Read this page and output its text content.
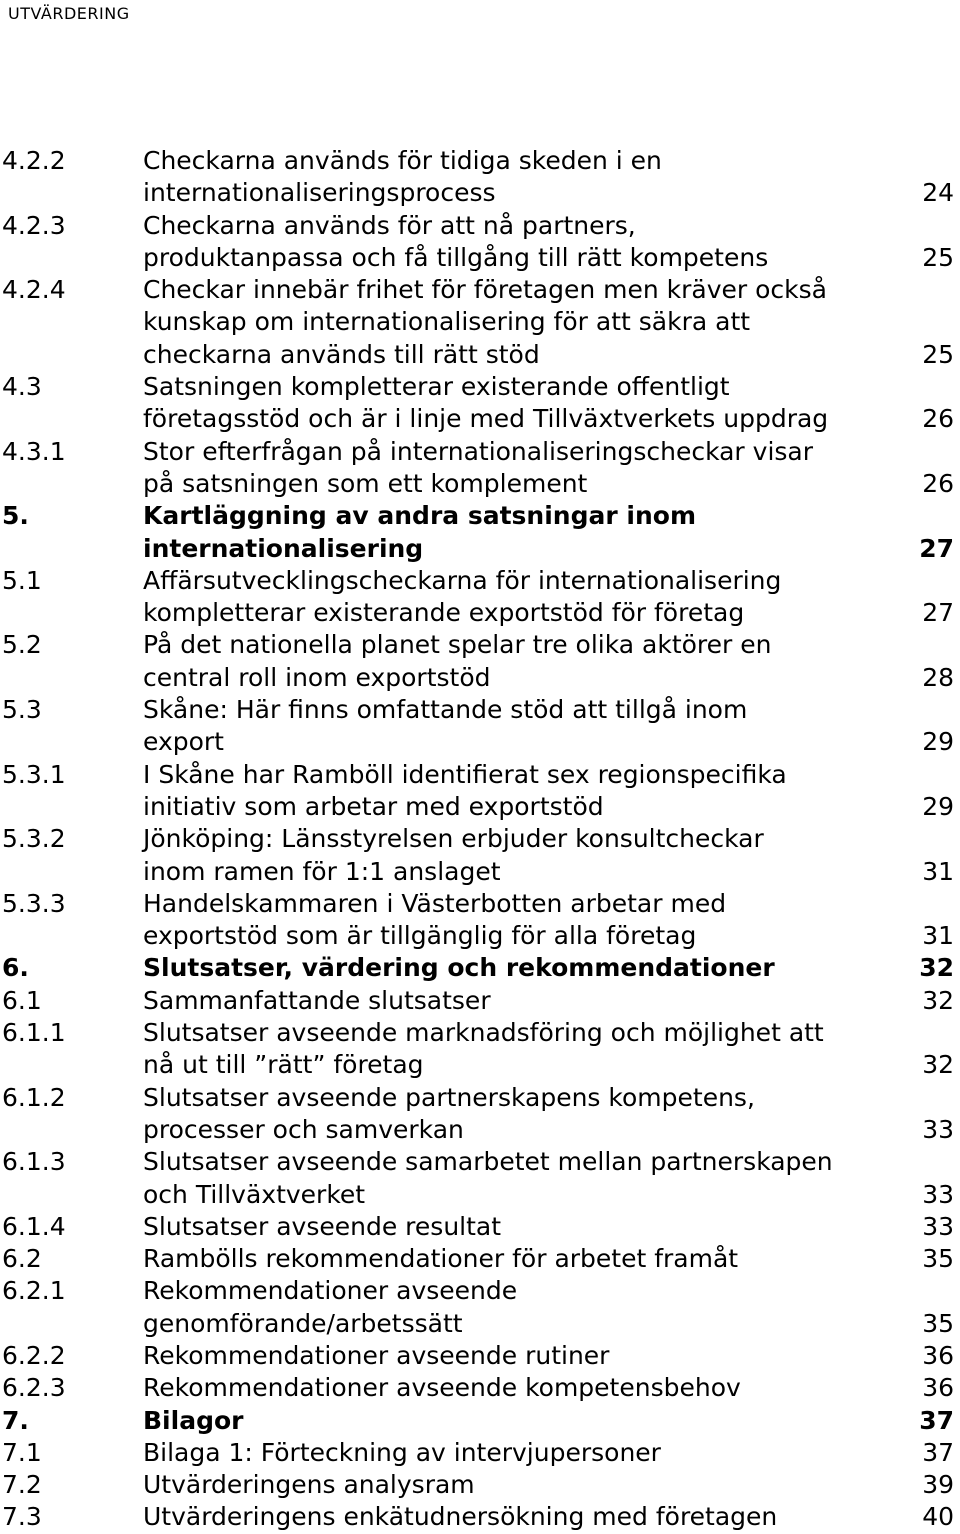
UTVÄRDERING
4.2.2	Checkarna används för tidiga skeden i en
internationaliseringsprocess	24
4.2.3	Checkarna används för att nå partners,
produktanpassa och få tillgång till rätt kompetens	25
4.2.4	Checkar innebär frihet för företagen men kräver också
kunskap om internationalisering för att säkra att
checkarna används till rätt stöd	25
4.3	Satsningen kompletterar existerande offentligt
företagsstöd och är i linje med Tillväxtverkets uppdrag	26
4.3.1	Stor efterfrågan på internationaliseringscheckar visar
på satsningen som ett komplement	26
5.	Kartläggning av andra satsningar inom
internationalisering	27
5.1	Affärsutvecklingscheckarna för internationalisering
kompletterar existerande exportstöd för företag	27
5.2	På det nationella planet spelar tre olika aktörer en
central roll inom exportstöd	28
5.3	Skåne: Här finns omfattande stöd att tillgå inom
export	29
5.3.1	I Skåne har Ramböll identifierat sex regionspecifika
initiativ som arbetar med exportstöd	29
5.3.2	Jönköping: Länsstyrelsen erbjuder konsultcheckar
inom ramen för 1:1 anslaget	31
5.3.3	Handelskammaren i Västerbotten arbetar med
exportstöd som är tillgänglig för alla företag	31
6.	Slutsatser, värdering och rekommendationer	32
6.1	Sammanfattande slutsatser	32
6.1.1	Slutsatser avseende marknadsföring och möjlighet att
nå ut till ”rätt” företag	32
6.1.2	Slutsatser avseende partnerskapens kompetens,
processer och samverkan	33
6.1.3	Slutsatser avseende samarbetet mellan partnerskapen
och Tillväxtverket	33
6.1.4	Slutsatser avseende resultat	33
6.2	Rambölls rekommendationer för arbetet framåt	35
6.2.1	Rekommendationer avseende
genomförande/arbetssätt	35
6.2.2	Rekommendationer avseende rutiner	36
6.2.3	Rekommendationer avseende kompetensbehov	36
7.	Bilagor	37
7.1	Bilaga 1: Förteckning av intervjupersoner	37
7.2	Utvärderingens analysram	39
7.3	Utvärderingens enkätudnersökning med företagen	40
